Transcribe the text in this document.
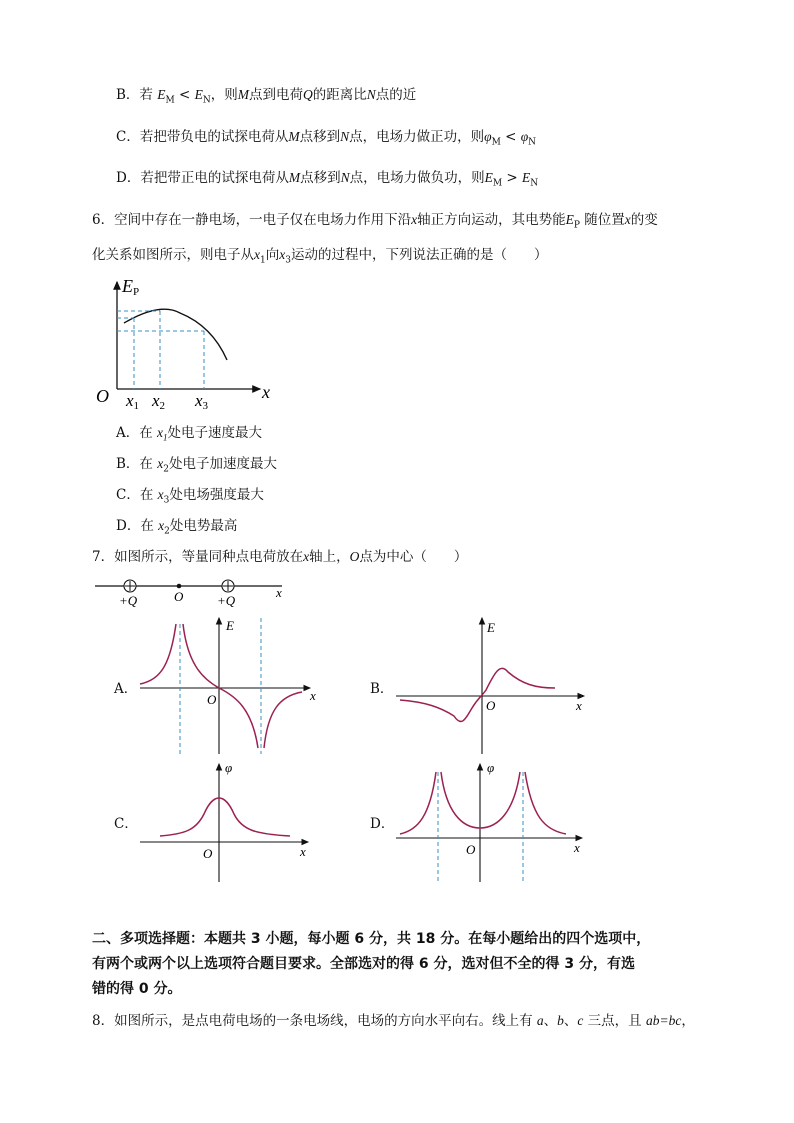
B．若 $E_M < E_N$，则M点到电荷Q的距离比N点的近
C．若把带负电的试探电荷从M点移到N点，电场力做正功，则$\varphi_M < \varphi_N$
D．若把带正电的试探电荷从M点移到N点，电场力做负功，则$E_M > E_N$
6．空间中存在一静电场，一电子仅在电场力作用下沿x轴正方向运动，其电势能$E_P$ 随位置x的变
化关系如图所示，则电子从$x_1$向$x_3$运动的过程中，下列说法正确的是（　　）
EP
O	x
x1 x2 x3
A．在 $x_1$处电子速度最大
B．在 $x_2$处电子加速度最大
C．在 $x_3$处电场强度最大
D．在 $x_2$处电势最高
7．如图所示，等量同种点电荷放在x轴上，O点为中心（　　）
+Q	O	+Q
x
A．
E
O	x	B．
E
O	x
C．
φ
O	x
D．
φ
O	x
二、多项选择题：本题共 3 小题，每小题 6 分，共 18 分。在每小题给出的四个选项中，
有两个或两个以上选项符合题目要求。全部选对的得 6 分，选对但不全的得 3 分，有选
错的得 0 分。
8．如图所示，是点电荷电场的一条电场线，电场的方向水平向右。线上有 a、b、c 三点，且 ab=bc，
